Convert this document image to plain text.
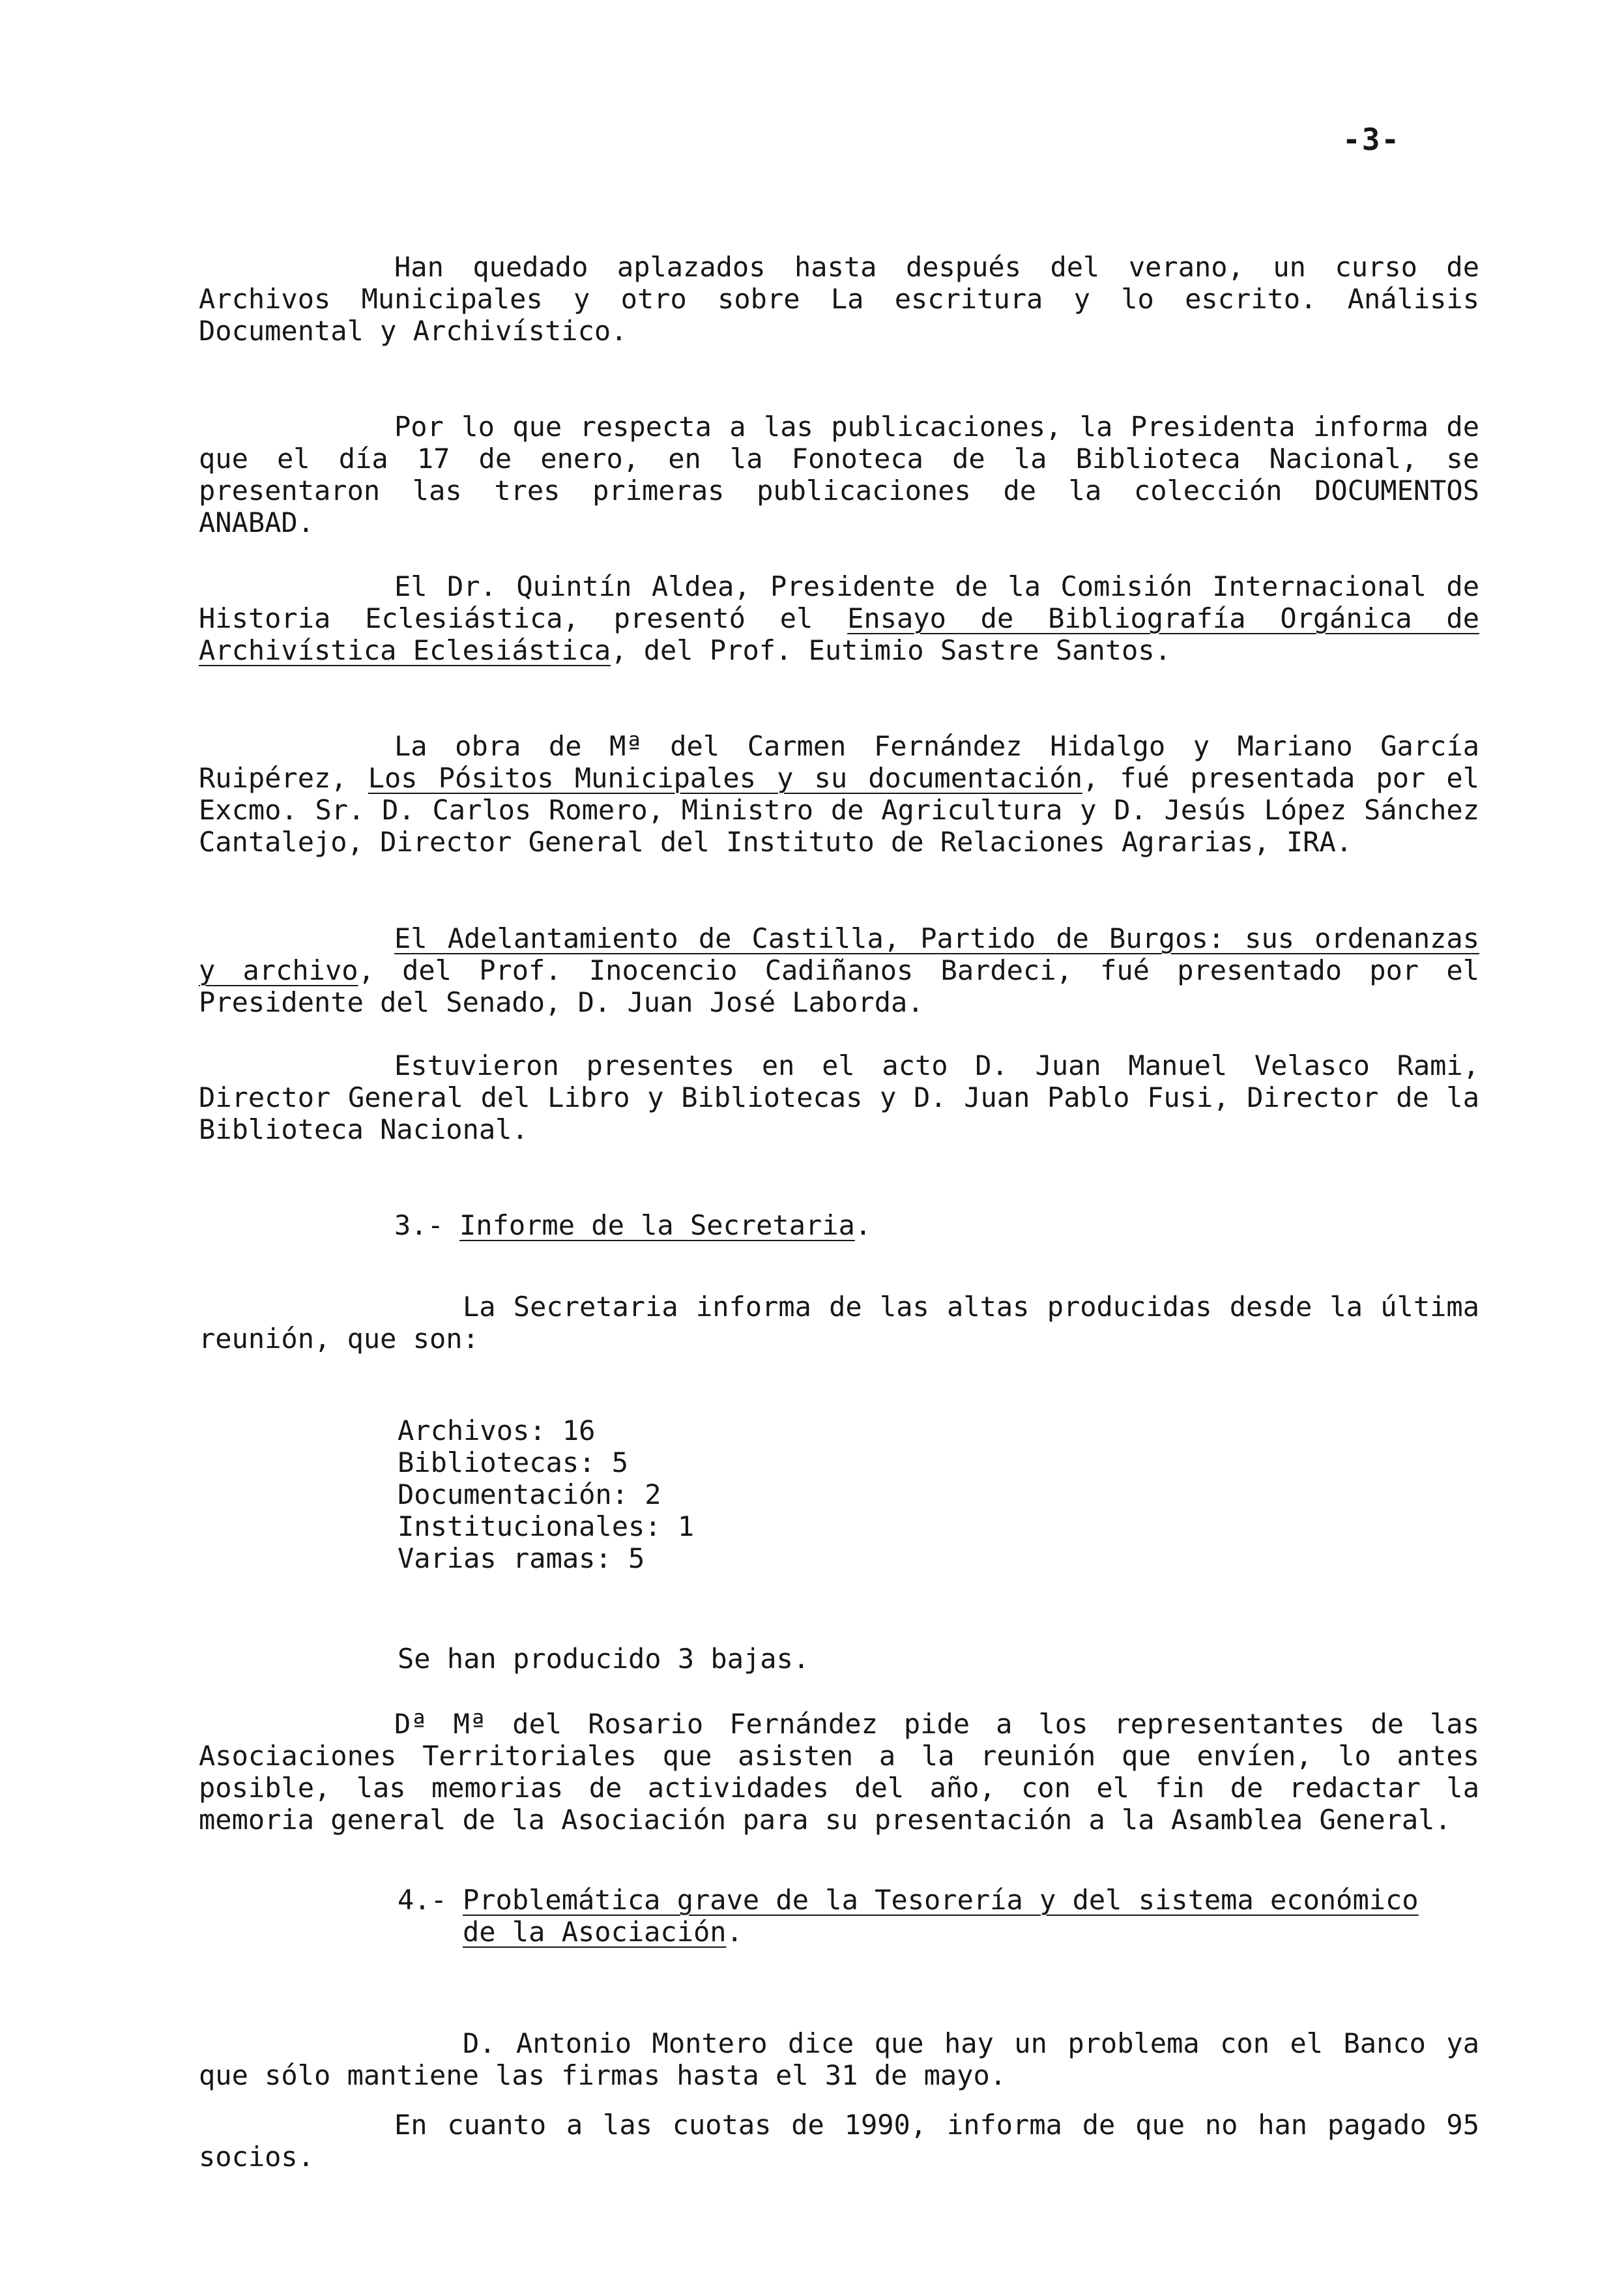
-3-

Han quedado aplazados hasta después del verano, un curso de Archivos Municipales y otro sobre La escritura y lo escrito. Análisis Documental y Archivístico.

Por lo que respecta a las publicaciones, la Presidenta informa de que el día 17 de enero, en la Fonoteca de la Biblioteca Nacional, se presentaron las tres primeras publicaciones de la colección DOCUMENTOS ANABAD.

El Dr. Quintín Aldea, Presidente de la Comisión Internacional de Historia Eclesiástica, presentó el Ensayo de Bibliografía Orgánica de Archivística Eclesiástica, del Prof. Eutimio Sastre Santos.

La obra de Mª del Carmen Fernández Hidalgo y Mariano García Ruipérez, Los Pósitos Municipales y su documentación, fué presentada por el Excmo. Sr. D. Carlos Romero, Ministro de Agricultura y D. Jesús López Sánchez Cantalejo, Director General del Instituto de Relaciones Agrarias, IRA.

El Adelantamiento de Castilla, Partido de Burgos: sus ordenanzas y archivo, del Prof. Inocencio Cadiñanos Bardeci, fué presentado por el Presidente del Senado, D. Juan José Laborda.

Estuvieron presentes en el acto D. Juan Manuel Velasco Rami, Director General del Libro y Bibliotecas y D. Juan Pablo Fusi, Director de la Biblioteca Nacional.

3.- Informe de la Secretaria.

La Secretaria informa de las altas producidas desde la última reunión, que son:

Archivos: 16
Bibliotecas: 5
Documentación: 2
Institucionales: 1
Varias ramas: 5
Se han producido 3 bajas.

Dª Mª del Rosario Fernández pide a los representantes de las Asociaciones Territoriales que asisten a la reunión que envíen, lo antes posible, las memorias de actividades del año, con el fin de redactar la memoria general de la Asociación para su presentación a la Asamblea General.

4.- Problemática grave de la Tesorería y del sistema económico
de la Asociación.

D. Antonio Montero dice que hay un problema con el Banco ya que sólo mantiene las firmas hasta el 31 de mayo.

En cuanto a las cuotas de 1990, informa de que no han pagado 95 socios.
